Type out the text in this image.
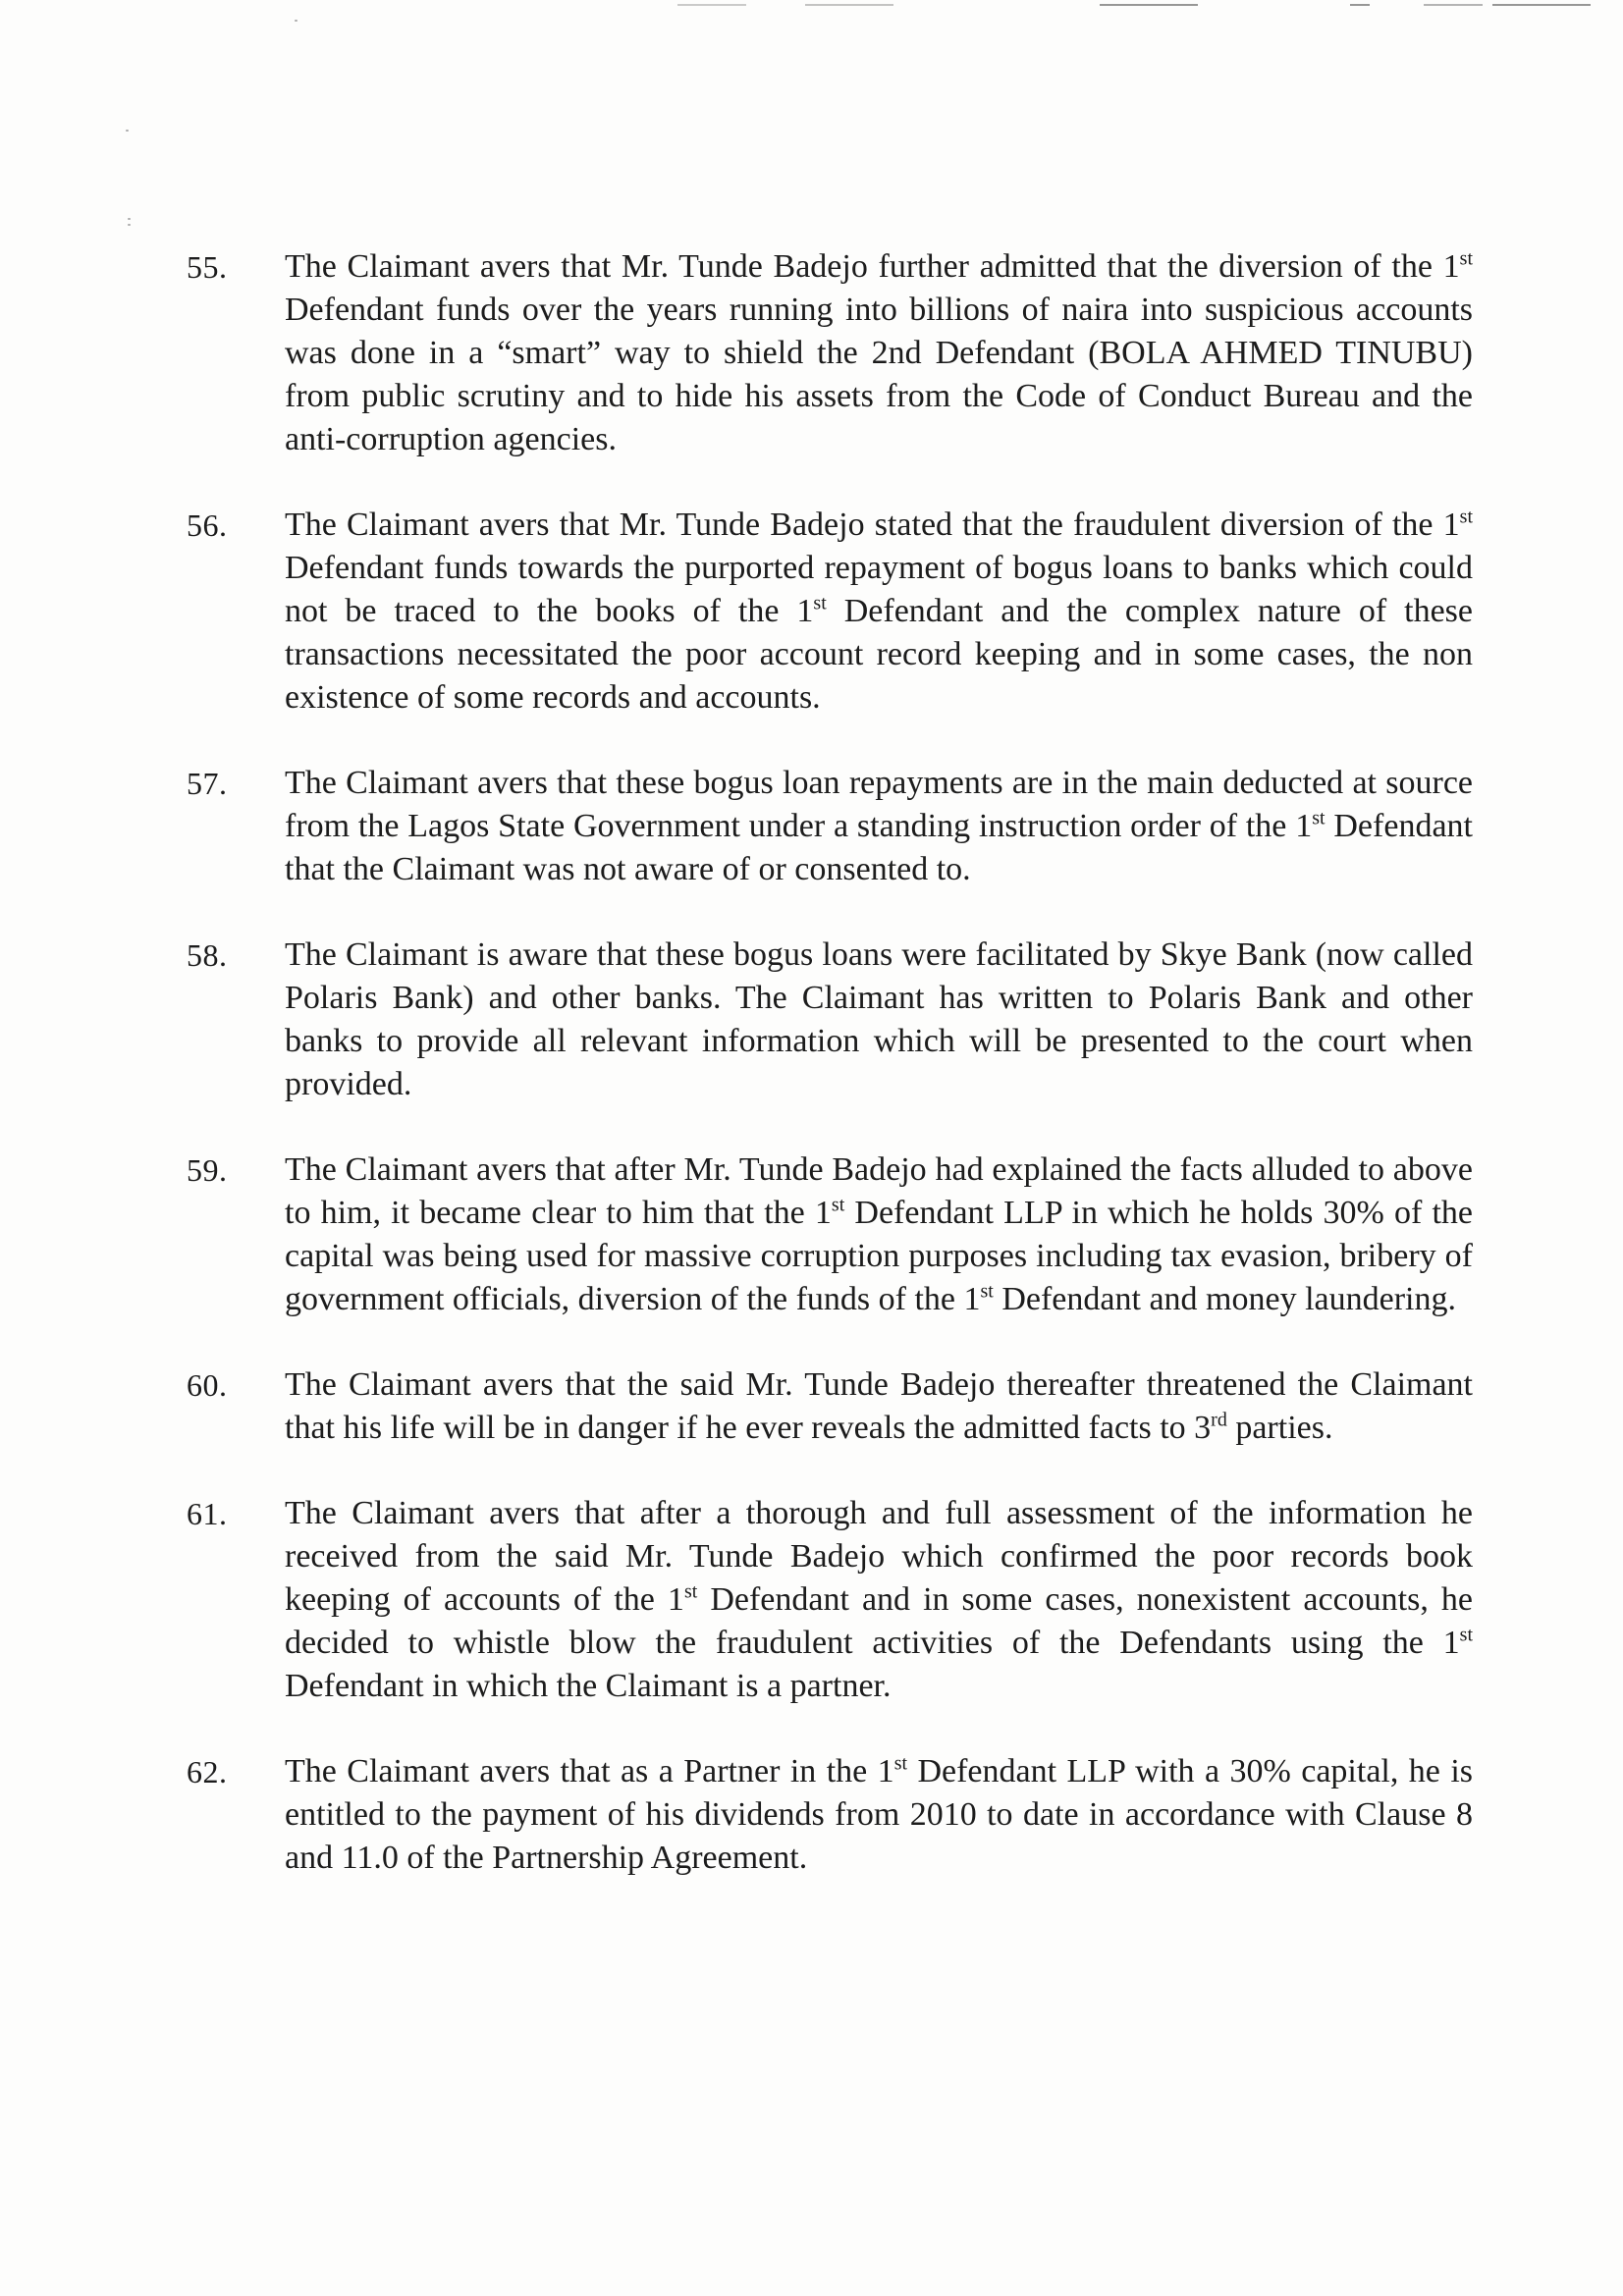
55.	The Claimant avers that Mr. Tunde Badejo further admitted that the diversion of the 1st Defendant funds over the years running into billions of naira into suspicious accounts was done in a “smart” way to shield the 2nd Defendant (BOLA AHMED TINUBU) from public scrutiny and to hide his assets from the Code of Conduct Bureau and the anti-corruption agencies.
56.	The Claimant avers that Mr. Tunde Badejo stated that the fraudulent diversion of the 1st Defendant funds towards the purported repayment of bogus loans to banks which could not be traced to the books of the 1st Defendant and the complex nature of these transactions necessitated the poor account record keeping and in some cases, the non existence of some records and accounts.
57.	The Claimant avers that these bogus loan repayments are in the main deducted at source from the Lagos State Government under a standing instruction order of the 1st Defendant that the Claimant was not aware of or consented to.
58.	The Claimant is aware that these bogus loans were facilitated by Skye Bank (now called Polaris Bank) and other banks. The Claimant has written to Polaris Bank and other banks to provide all relevant information which will be presented to the court when provided.
59.	The Claimant avers that after Mr. Tunde Badejo had explained the facts alluded to above to him, it became clear to him that the 1st Defendant LLP in which he holds 30% of the capital was being used for massive corruption purposes including tax evasion, bribery of government officials, diversion of the funds of the 1st Defendant and money laundering.
60.	The Claimant avers that the said Mr. Tunde Badejo thereafter threatened the Claimant that his life will be in danger if he ever reveals the admitted facts to 3rd parties.
61.	The Claimant avers that after a thorough and full assessment of the information he received from the said Mr. Tunde Badejo which confirmed the poor records book keeping of accounts of the 1st Defendant and in some cases, nonexistent accounts, he decided to whistle blow the fraudulent activities of the Defendants using the 1st Defendant in which the Claimant is a partner.
62.	The Claimant avers that as a Partner in the 1st Defendant LLP with a 30% capital, he is entitled to the payment of his dividends from 2010 to date in accordance with Clause 8 and 11.0 of the Partnership Agreement.
